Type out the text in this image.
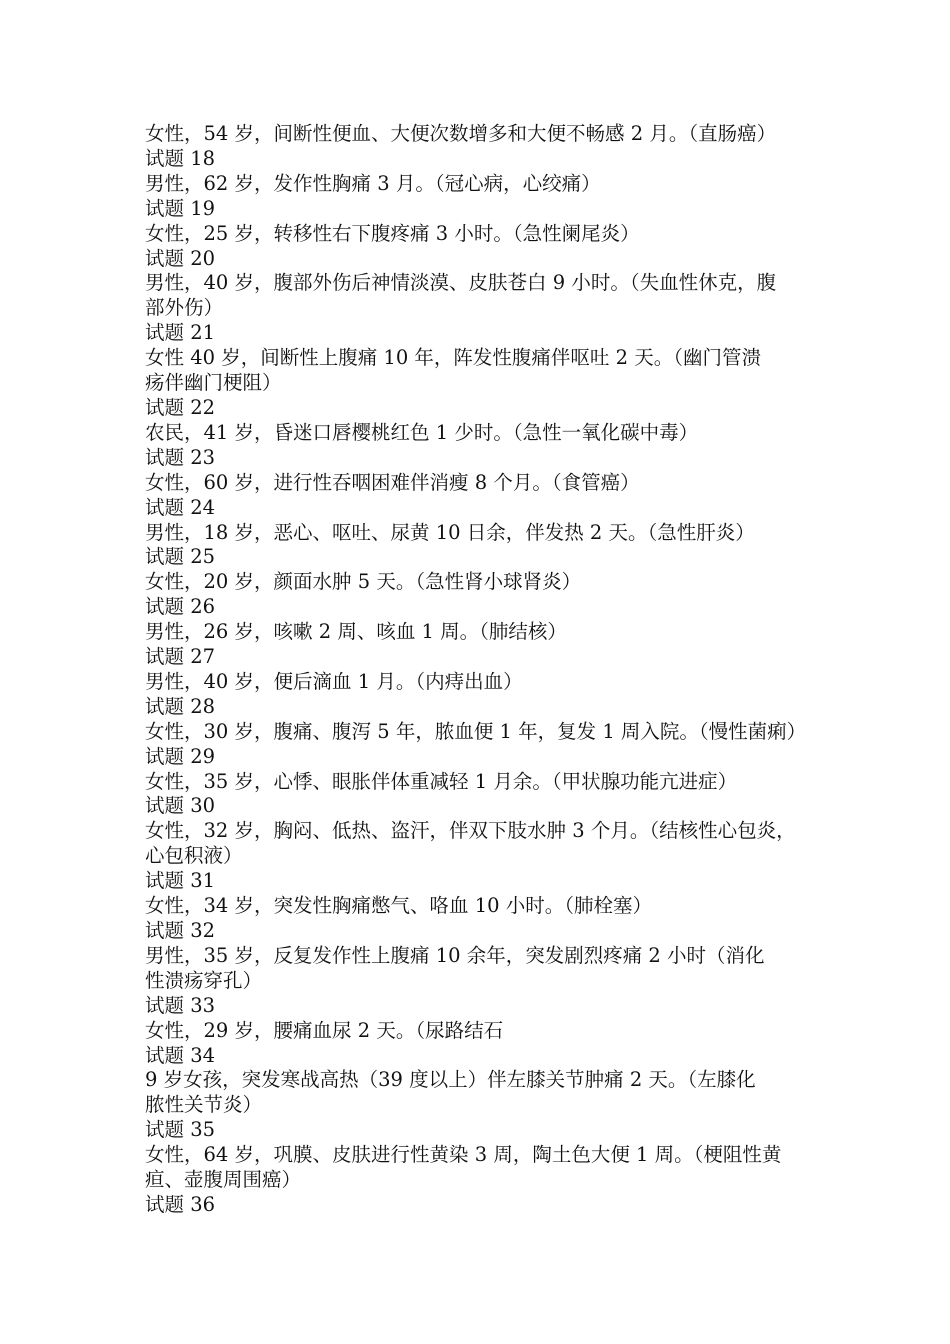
女性，54 岁，间断性便血、大便次数增多和大便不畅感 2 月。（直肠癌）
试题 18
男性，62 岁，发作性胸痛 3 月。（冠心病，心绞痛）
试题 19
女性，25 岁，转移性右下腹疼痛 3 小时。（急性阑尾炎）
试题 20
男性，40 岁，腹部外伤后神情淡漠、皮肤苍白 9 小时。（失血性休克，腹
部外伤）
试题 21
女性 40 岁，间断性上腹痛 10 年，阵发性腹痛伴呕吐 2 天。（幽门管溃
疡伴幽门梗阻）
试题 22
农民，41 岁，昏迷口唇樱桃红色 1 少时。（急性一氧化碳中毒）
试题 23
女性，60 岁，进行性吞咽困难伴消瘦 8 个月。（食管癌）
试题 24
男性，18 岁，恶心、呕吐、尿黄 10 日余，伴发热 2 天。（急性肝炎）
试题 25
女性，20 岁，颜面水肿 5 天。（急性肾小球肾炎）
试题 26
男性，26 岁，咳嗽 2 周、咳血 1 周。（肺结核）
试题 27
男性，40 岁，便后滴血 1 月。（内痔出血）
试题 28
女性，30 岁，腹痛、腹泻 5 年，脓血便 1 年，复发 1 周入院。（慢性菌痢）
试题 29
女性，35 岁，心悸、眼胀伴体重减轻 1 月余。（甲状腺功能亢进症）
试题 30
女性，32 岁，胸闷、低热、盗汗，伴双下肢水肿 3 个月。（结核性心包炎，
心包积液）
试题 31
女性，34 岁，突发性胸痛憋气、咯血 10 小时。（肺栓塞）
试题 32
男性，35 岁，反复发作性上腹痛 10 余年，突发剧烈疼痛 2 小时（消化
性溃疡穿孔）
试题 33
女性，29 岁，腰痛血尿 2 天。（尿路结石
试题 34
9 岁女孩，突发寒战高热（39 度以上）伴左膝关节肿痛 2 天。（左膝化
脓性关节炎）
试题 35
女性，64 岁，巩膜、皮肤进行性黄染 3 周，陶土色大便 1 周。（梗阻性黄
疸、壶腹周围癌）
试题 36
